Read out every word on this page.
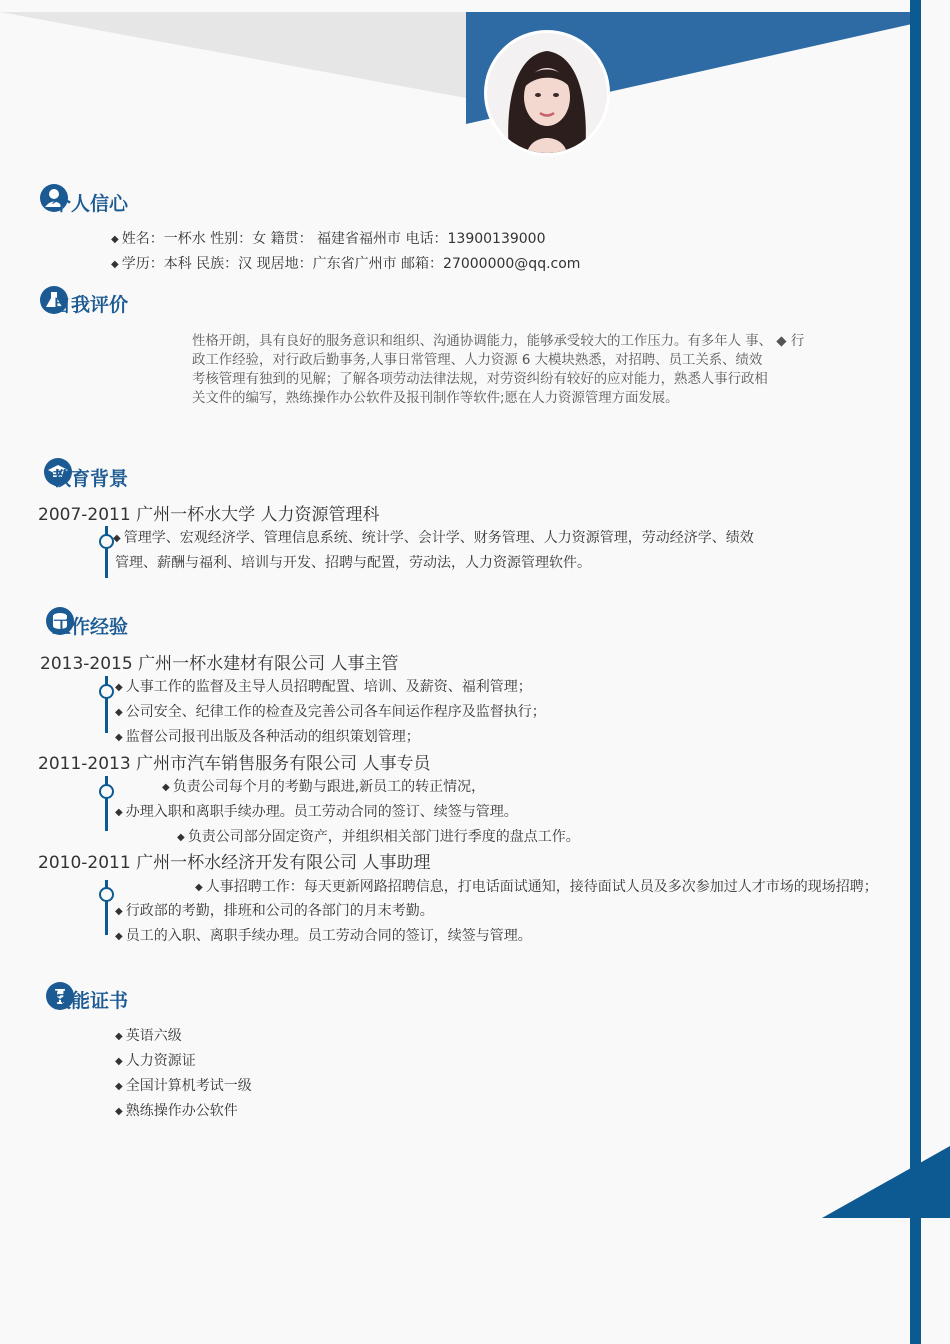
个人信心
◆ 姓名：一杯水 性别：女 籍贯： 福建省福州市 电话：13900139000
◆ 学历：本科 民族：汉 现居地：广东省广州市 邮箱：27000000@qq.com
自我评价
性格开朗，具有良好的服务意识和组织、沟通协调能力，能够承受较大的工作压力。有多年人 事、 ◆ 行
政工作经验，对行政后勤事务,人事日常管理、人力资源 6 大模块熟悉，对招聘、员工关系、绩效
考核管理有独到的见解；了解各项劳动法律法规，对劳资纠纷有较好的应对能力，熟悉人事行政相
关文件的编写，熟练操作办公软件及报刊制作等软件;愿在人力资源管理方面发展。
教育背景
2007-2011 广州一杯水大学 人力资源管理科
◆ 管理学、宏观经济学、管理信息系统、统计学、会计学、财务管理、人力资源管理，劳动经济学、绩效
管理、薪酬与福利、培训与开发、招聘与配置，劳动法，人力资源管理软件。
工作经验
2013-2015 广州一杯水建材有限公司 人事主管
◆ 人事工作的监督及主导人员招聘配置、培训、及薪资、福利管理；
◆ 公司安全、纪律工作的检查及完善公司各车间运作程序及监督执行；
◆ 监督公司报刊出版及各种活动的组织策划管理；
2011-2013 广州市汽车销售服务有限公司 人事专员
◆ 负责公司每个月的考勤与跟进,新员工的转正情况，
◆ 办理入职和离职手续办理。员工劳动合同的签订、续签与管理。
◆ 负责公司部分固定资产，并组织相关部门进行季度的盘点工作。
2010-2011 广州一杯水经济开发有限公司 人事助理
◆ 人事招聘工作：每天更新网路招聘信息，打电话面试通知，接待面试人员及多次参加过人才市场的现场招聘；
◆ 行政部的考勤，排班和公司的各部门的月末考勤。
◆ 员工的入职、离职手续办理。员工劳动合同的签订，续签与管理。
技能证书
◆ 英语六级
◆ 人力资源证
◆ 全国计算机考试一级
◆ 熟练操作办公软件
